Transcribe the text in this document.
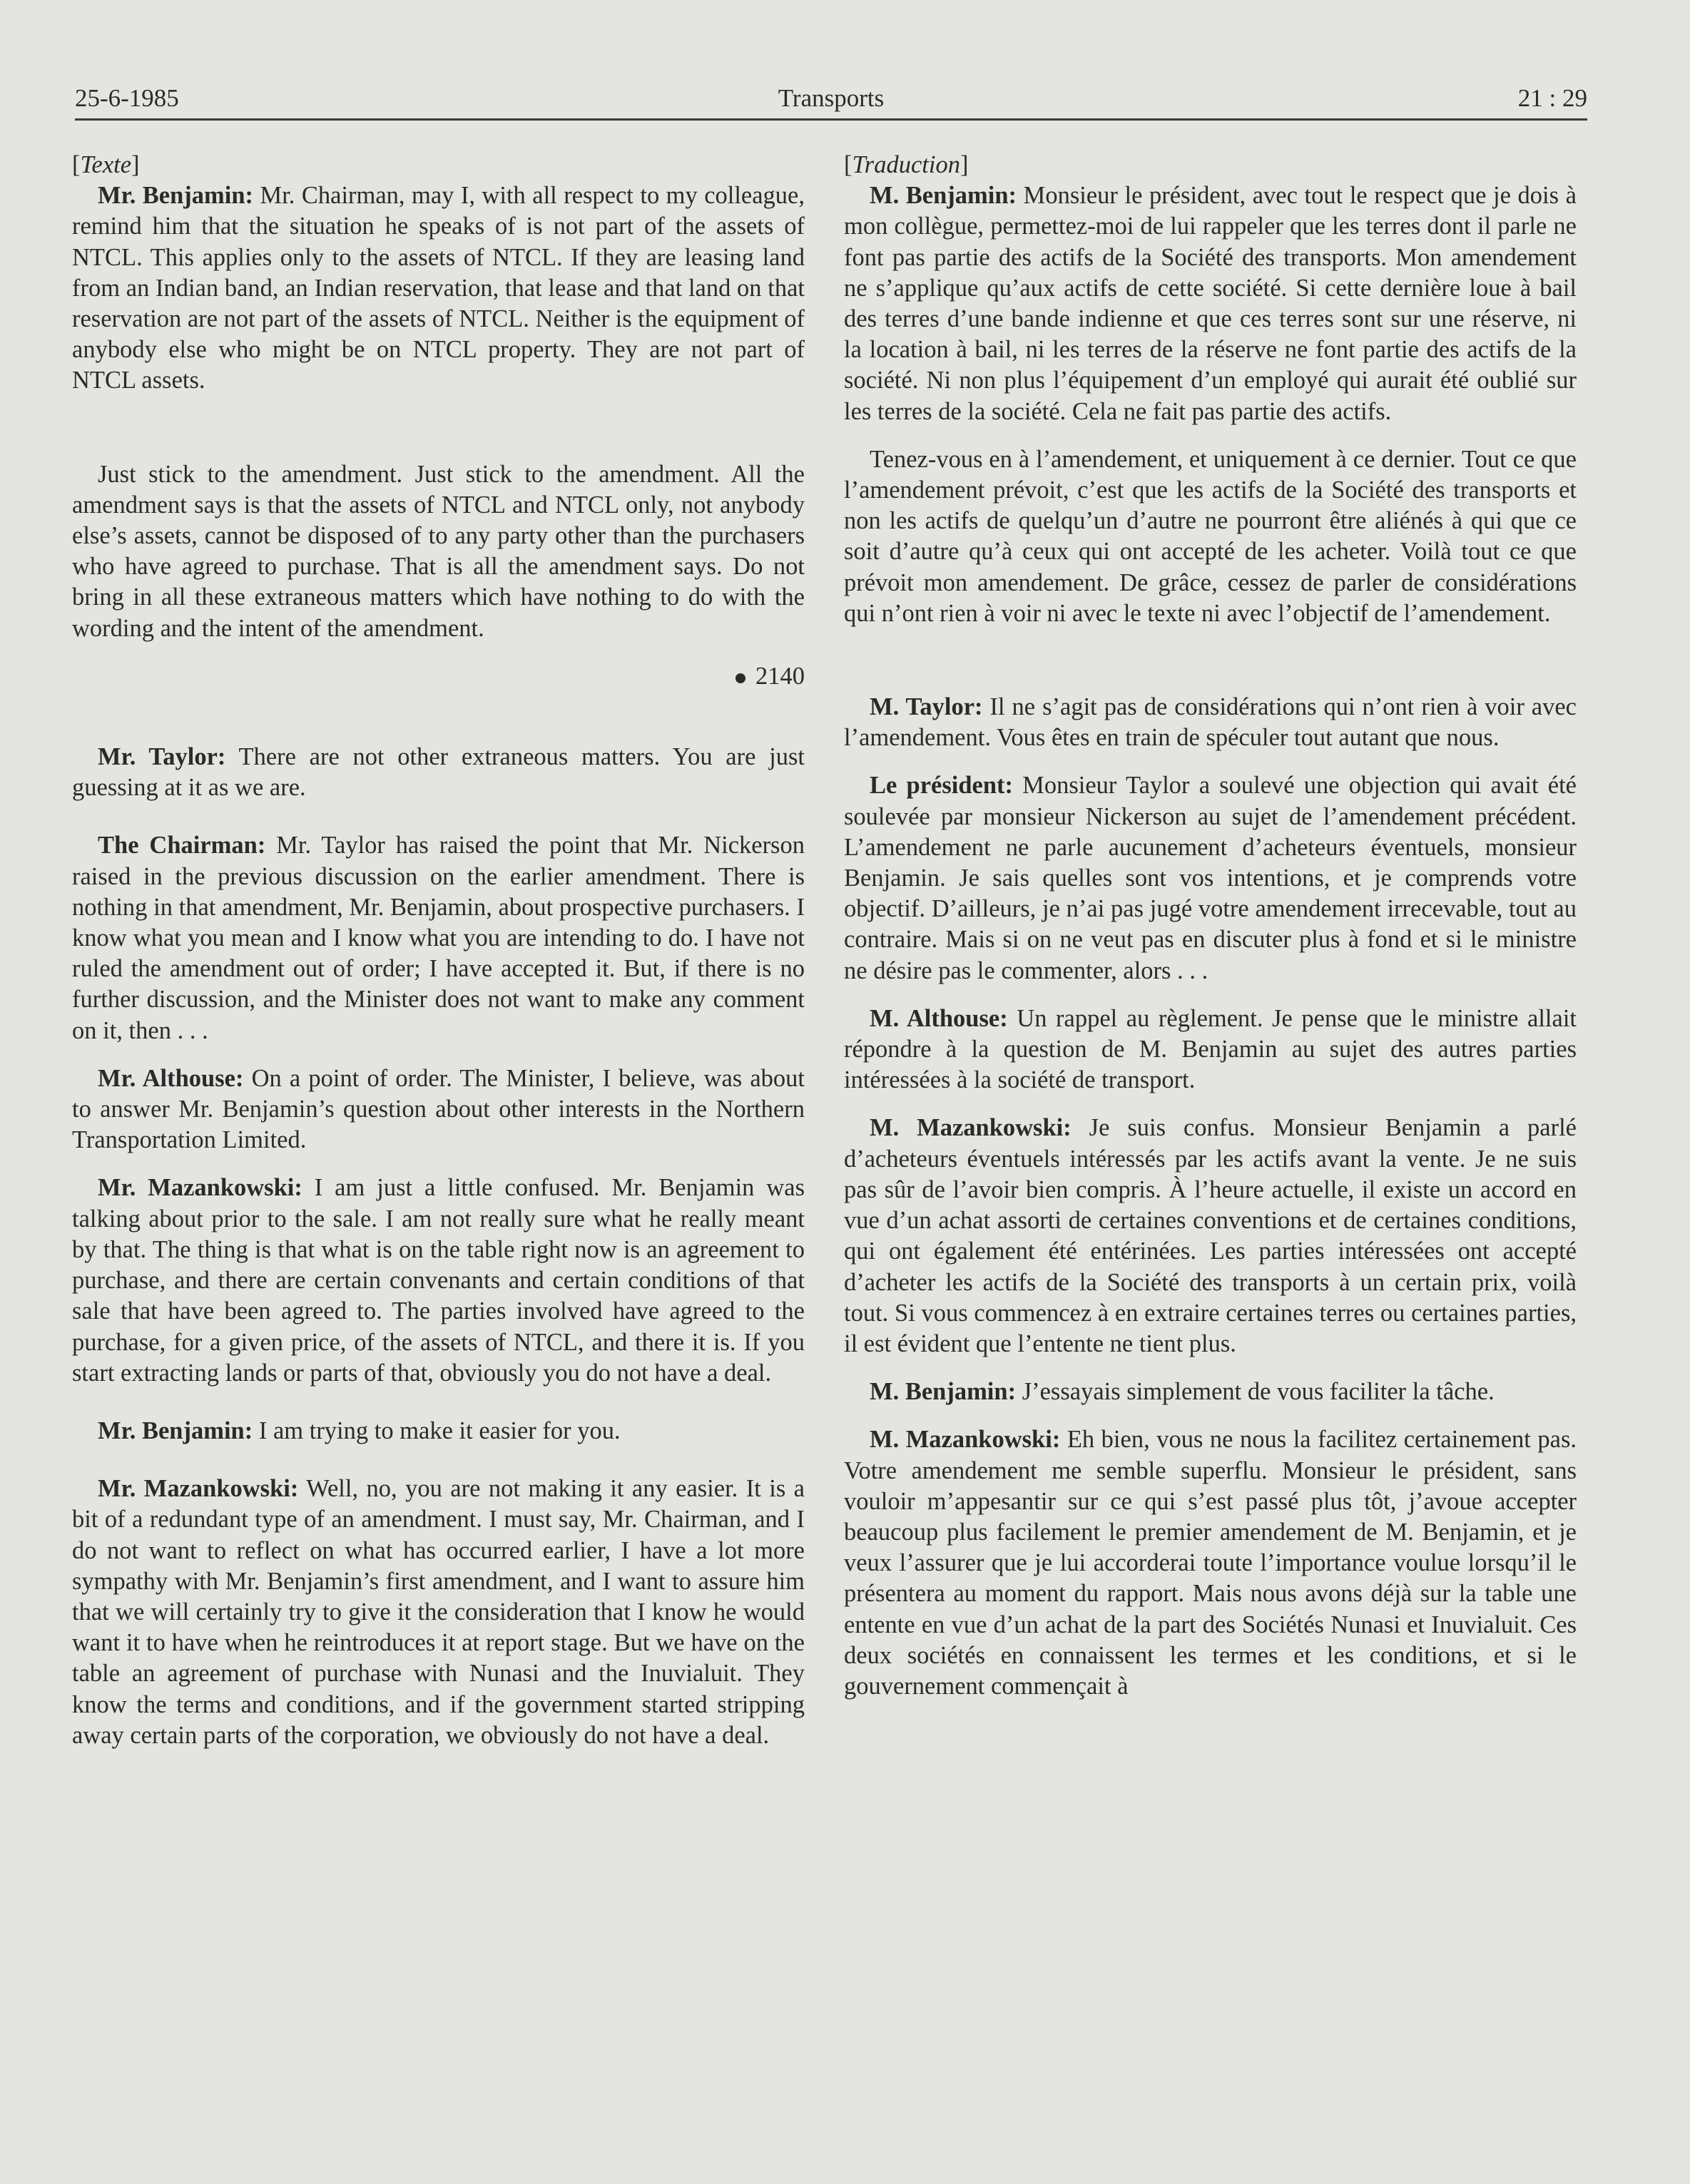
25-6-1985	Transports	21 : 29

[Texte]

Mr. Benjamin: Mr. Chairman, may I, with all respect to my colleague, remind him that the situation he speaks of is not part of the assets of NTCL. This applies only to the assets of NTCL. If they are leasing land from an Indian band, an Indian reservation, that lease and that land on that reservation are not part of the assets of NTCL. Neither is the equipment of anybody else who might be on NTCL property. They are not part of NTCL assets.

Just stick to the amendment. Just stick to the amendment. All the amendment says is that the assets of NTCL and NTCL only, not anybody else’s assets, cannot be disposed of to any party other than the purchasers who have agreed to purchase. That is all the amendment says. Do not bring in all these extraneous matters which have nothing to do with the wording and the intent of the amendment.

2140

Mr. Taylor: There are not other extraneous matters. You are just guessing at it as we are.

The Chairman: Mr. Taylor has raised the point that Mr. Nickerson raised in the previous discussion on the earlier amendment. There is nothing in that amendment, Mr. Benjamin, about prospective purchasers. I know what you mean and I know what you are intending to do. I have not ruled the amendment out of order; I have accepted it. But, if there is no further discussion, and the Minister does not want to make any comment on it, then . . .

Mr. Althouse: On a point of order. The Minister, I believe, was about to answer Mr. Benjamin’s question about other interests in the Northern Transportation Limited.

Mr. Mazankowski: I am just a little confused. Mr. Benjamin was talking about prior to the sale. I am not really sure what he really meant by that. The thing is that what is on the table right now is an agreement to purchase, and there are certain convenants and certain conditions of that sale that have been agreed to. The parties involved have agreed to the purchase, for a given price, of the assets of NTCL, and there it is. If you start extracting lands or parts of that, obviously you do not have a deal.

Mr. Benjamin: I am trying to make it easier for you.

Mr. Mazankowski: Well, no, you are not making it any easier. It is a bit of a redundant type of an amendment. I must say, Mr. Chairman, and I do not want to reflect on what has occurred earlier, I have a lot more sympathy with Mr. Benjamin’s first amendment, and I want to assure him that we will certainly try to give it the consideration that I know he would want it to have when he reintroduces it at report stage. But we have on the table an agreement of purchase with Nunasi and the Inuvialuit. They know the terms and conditions, and if the government started stripping away certain parts of the corporation, we obviously do not have a deal.

[Traduction]

M. Benjamin: Monsieur le président, avec tout le respect que je dois à mon collègue, permettez-moi de lui rappeler que les terres dont il parle ne font pas partie des actifs de la Société des transports. Mon amendement ne s’applique qu’aux actifs de cette société. Si cette dernière loue à bail des terres d’une bande indienne et que ces terres sont sur une réserve, ni la location à bail, ni les terres de la réserve ne font partie des actifs de la société. Ni non plus l’équipement d’un employé qui aurait été oublié sur les terres de la société. Cela ne fait pas partie des actifs.

Tenez-vous en à l’amendement, et uniquement à ce dernier. Tout ce que l’amendement prévoit, c’est que les actifs de la Société des transports et non les actifs de quelqu’un d’autre ne pourront être aliénés à qui que ce soit d’autre qu’à ceux qui ont accepté de les acheter. Voilà tout ce que prévoit mon amendement. De grâce, cessez de parler de considérations qui n’ont rien à voir ni avec le texte ni avec l’objectif de l’amendement.

M. Taylor: Il ne s’agit pas de considérations qui n’ont rien à voir avec l’amendement. Vous êtes en train de spéculer tout autant que nous.

Le président: Monsieur Taylor a soulevé une objection qui avait été soulevée par monsieur Nickerson au sujet de l’amendement précédent. L’amendement ne parle aucunement d’acheteurs éventuels, monsieur Benjamin. Je sais quelles sont vos intentions, et je comprends votre objectif. D’ailleurs, je n’ai pas jugé votre amendement irrecevable, tout au contraire. Mais si on ne veut pas en discuter plus à fond et si le ministre ne désire pas le commenter, alors . . .

M. Althouse: Un rappel au règlement. Je pense que le ministre allait répondre à la question de M. Benjamin au sujet des autres parties intéressées à la société de transport.

M. Mazankowski: Je suis confus. Monsieur Benjamin a parlé d’acheteurs éventuels intéressés par les actifs avant la vente. Je ne suis pas sûr de l’avoir bien compris. À l’heure actuelle, il existe un accord en vue d’un achat assorti de certaines conventions et de certaines conditions, qui ont également été entérinées. Les parties intéressées ont accepté d’acheter les actifs de la Société des transports à un certain prix, voilà tout. Si vous commencez à en extraire certaines terres ou certaines parties, il est évident que l’entente ne tient plus.

M. Benjamin: J’essayais simplement de vous faciliter la tâche.

M. Mazankowski: Eh bien, vous ne nous la facilitez certainement pas. Votre amendement me semble superflu. Monsieur le président, sans vouloir m’appesantir sur ce qui s’est passé plus tôt, j’avoue accepter beaucoup plus facilement le premier amendement de M. Benjamin, et je veux l’assurer que je lui accorderai toute l’importance voulue lorsqu’il le présentera au moment du rapport. Mais nous avons déjà sur la table une entente en vue d’un achat de la part des Sociétés Nunasi et Inuvialuit. Ces deux sociétés en connaissent les termes et les conditions, et si le gouvernement commençait à
